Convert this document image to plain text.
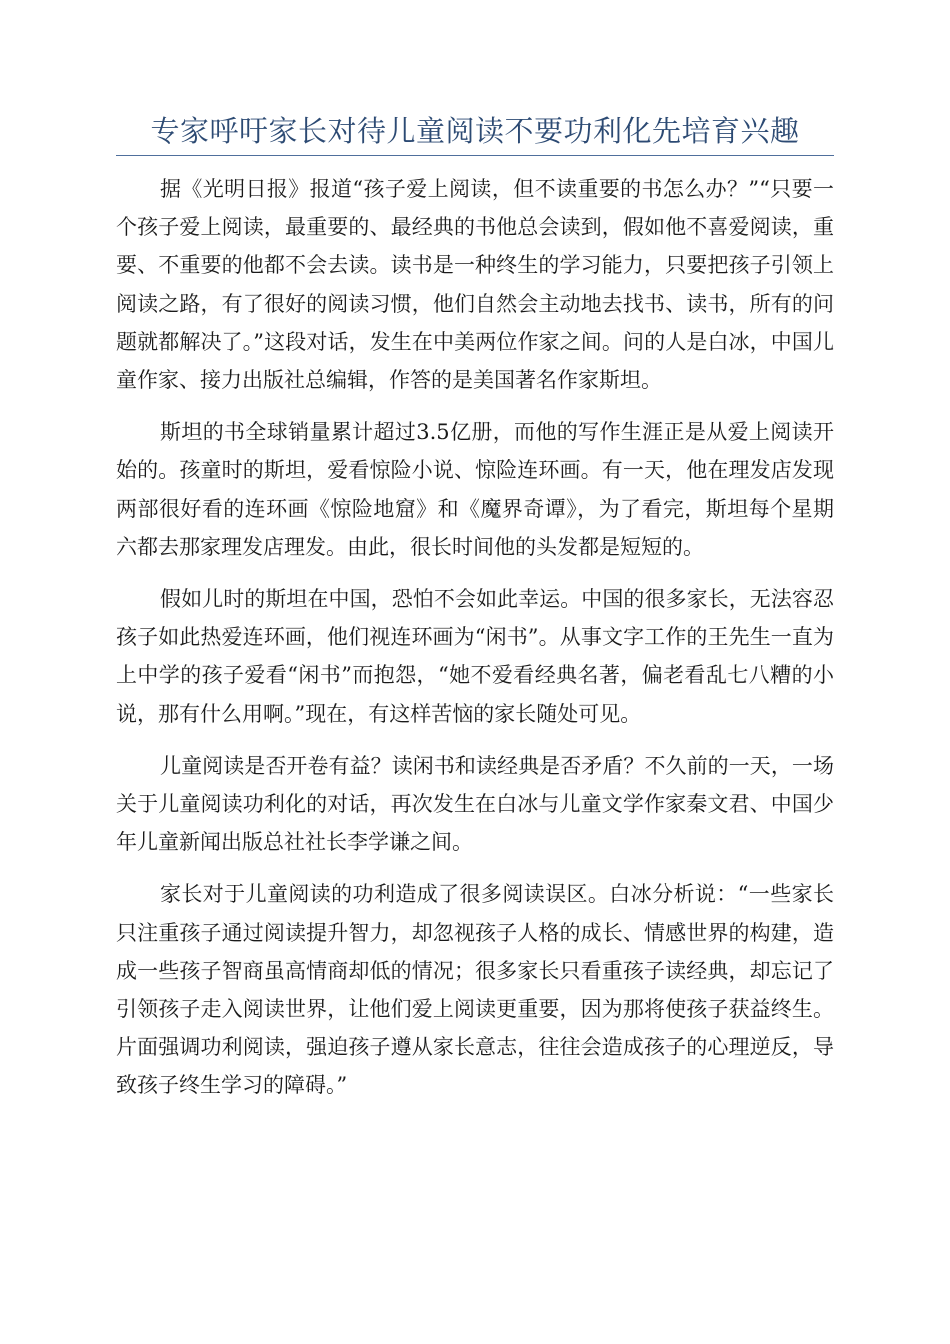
专家呼吁家长对待儿童阅读不要功利化先培育兴趣

据《光明日报》报道“孩子爱上阅读，但不读重要的书怎么办？”“只要一个孩子爱上阅读，最重要的、最经典的书他总会读到，假如他不喜爱阅读，重要、不重要的他都不会去读。读书是一种终生的学习能力，只要把孩子引领上阅读之路，有了很好的阅读习惯，他们自然会主动地去找书、读书，所有的问题就都解决了。”这段对话，发生在中美两位作家之间。问的人是白冰，中国儿童作家、接力出版社总编辑，作答的是美国著名作家斯坦。

斯坦的书全球销量累计超过3.5亿册，而他的写作生涯正是从爱上阅读开始的。孩童时的斯坦，爱看惊险小说、惊险连环画。有一天，他在理发店发现两部很好看的连环画《惊险地窟》和《魔界奇谭》，为了看完，斯坦每个星期六都去那家理发店理发。由此，很长时间他的头发都是短短的。

假如儿时的斯坦在中国，恐怕不会如此幸运。中国的很多家长，无法容忍孩子如此热爱连环画，他们视连环画为“闲书”。从事文字工作的王先生一直为上中学的孩子爱看“闲书”而抱怨，“她不爱看经典名著，偏老看乱七八糟的小说，那有什么用啊。”现在，有这样苦恼的家长随处可见。

儿童阅读是否开卷有益？读闲书和读经典是否矛盾？不久前的一天，一场关于儿童阅读功利化的对话，再次发生在白冰与儿童文学作家秦文君、中国少年儿童新闻出版总社社长李学谦之间。

家长对于儿童阅读的功利造成了很多阅读误区。白冰分析说：“一些家长只注重孩子通过阅读提升智力，却忽视孩子人格的成长、情感世界的构建，造成一些孩子智商虽高情商却低的情况；很多家长只看重孩子读经典，却忘记了引领孩子走入阅读世界，让他们爱上阅读更重要，因为那将使孩子获益终生。片面强调功利阅读，强迫孩子遵从家长意志，往往会造成孩子的心理逆反，导致孩子终生学习的障碍。”
